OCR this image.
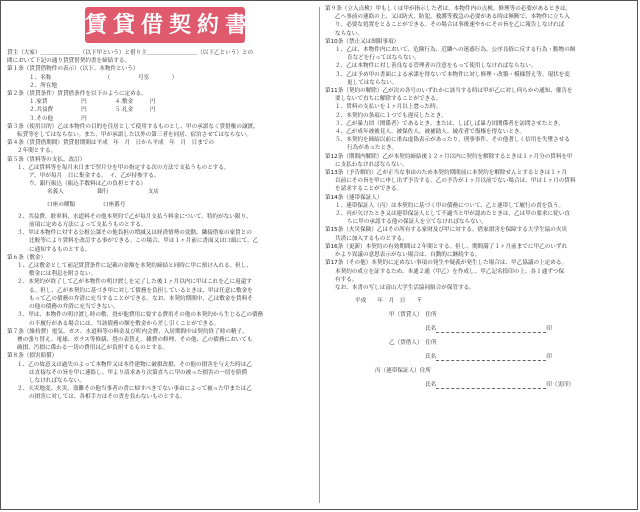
賃貸借契約書
貸主（大家）＿＿＿＿＿＿＿（以下甲という）と借り主＿＿＿＿＿＿＿＿＿（以下乙という）との
間において下記の通り賃貸借契約書を締結する。
第１条（賃貸借物件の表示）（以下、本物件という）
１、名称　　　　　　　　　　（　　　　　号室　　　　）
２、所在地
第２条（賃貸条件）賃貸借条件を以下のように定める。
１.家賃　　　　　　円　　　　　４.敷金　　　円
２.共益費　　　　　円　　　　　５.礼金　　　円
３.その他　　　　　円
第３条（使用目的）乙は本物件の目的を住居として使用するものとし、甲の承諾なく賃借権の譲渡、
転貸等をしてはならない。また、甲が承諾した以外の第三者を同居、宿泊させてはならない。
第４条（賃貸借期間）賃貸借期間は平成　年　月　日から平成　年　月　日までの
２年間とする。
第５条（賃料等の支払、改訂）
１、乙は賃料等を毎月末日まで翌月分を甲の指定する次の方法で支払うものとする。
ア、甲が毎月　日に集金する。　イ、乙が持参する。
ウ、銀行振込（振込手数料は乙の負担とする）
名義人　　　　　　銀行　　　　　　　支店
口座の種類　　　　　口座番号
２、共益費、駐車料、水道料その他本契約で乙が毎月支払う料金について、特約がない限り、
前項に定める方法によって支払うものとする。
３、甲は本物件に対する公租公課その他負担の増減又は経済情勢の変動、隣接借家の家賃との
比較等により賃料を改訂する事ができる。この場合、甲は１ヶ月前に書面又は口頭にて、乙
に通知するものとする。
第６条（敷金）
１、乙は敷金として前記賃貸条件に記載の金額を本契約締結と同時に甲に預け入れる。但し、
敷金には利息を附さない。
２、本契約が終了して乙が本物件の明け渡しを完了した後１ヶ月以内に甲はこれを乙に返還す
る。但し、乙が本契約に基づき甲に対して債務を負担しているときは、甲は任意に敷金を
もって乙の債務の弁済に充当することができる。なお、本契約期間中、乙は敷金を賃料そ
の他の債務の弁済に充当できない。
３、甲は、本物件の明け渡し時の敷、畳が他費用に要する費用その他の本契約から生じる乙の債務
の不履行がある場合には、当該債務の額を敷金から差し引くことができる。
第７条（維持費）電気、ガス、水道料等の料金及び町内会費、入居期間中は契約終了時の精子、
襖の張り替え、電球、ガラス等修繕、畳の表替え、雑費の修理、その他、乙の債務においても
破損、汚損に係わる一切の費用は乙が負担するものとする。
第８条（損害賠償）
１、乙の故意又は過失のよって本物件又は本件建物に破損改損、その他の損害を与えた時は乙
は直接なその旨を甲に連絡し、甲より請求あり次第直ちに甲の被った損害の一切を賠償
しなければならない。
２、天災地変、火災、盗難その他当事者の責に帰すべきでない事由によって被った甲または乙
の損害に対しては、各相手方はその責を負わないものとする。
第９条（立入点検）甲もしくは甲が指示した者は、本物件内の点検、修理等の必要があるときは、
乙へ事前の連絡の上、又は防火、防犯、救護等救急の必要がある時は無断で、本物件に立ち入
り、必要な処置をとることができる。その場合は事後速やかにその旨を乙に報告しなければ
ならない。
第10条（禁止又は制限事項）
１、乙は、本物件内において、危険行為、近隣への迷惑行為、公序良俗に反する行為・動物の飼
育などを行ってはならない。
２、乙は本物件に対し善良なる管理者の注意をもって使用しなければならない。
３、乙は予め甲の書面による承諾を得ないで本物件に対し修理・改築・模様替え等、現状を変
更してはならない。
第11条（契約の解除）乙が次の各号のいずれかに該当する時は甲が乙に対し何らかの通知、催告を
要しないで直ちに解除することができる。
１、賃料の支払いを１ヶ月以上怠った時。
２、本契約の条項に１つでも違反したとき。
３、乙が暴力団（関係者）であるとき。または、しばしば暴力団関係者を訪問させたとき。
４、乙が成年被後見人、被保佐人、被補助人、破産者で復権を得ないとき。
５、本契約を締結以前に重ね虚偽表示があったり、刑事事件、その他著しく信用を失墜させる
行為があったとき。
第12条（期間内解除）乙が本契約締結後１２ヶ月以内に契約を解除するときは１ヶ月分の賃料を甲
に支払わなければならない。
第13条（予告解約）乙が正当な事由のため本契約期間前に本契約を解除せんとするときは１ヶ月
以前にその旨を甲に申し出ず予告する。乙の予告が１ヶ月以前でない場合は、甲は１ヶ月の賃料
を請求することができる。
第14条（連帯保証人）
１、連帯保証人（丙）は本契約に基づく甲の債務について、乙と連帯して履行の責を負う。
２、丙が欠けたとき又は連帯保証人として不適当と甲が認めたときは、乙は甲の要求に従い直
ちに甲の承認する他の保証人を立てなければならない。
第15条（火災保険）乙はその所有する家財及び甲に対する、借家損害を保障する大学生協の火災
共済に加入するものとする。
第16条（更新）本契約の有効期間は２年間とする。但し、期間満了１ヶ月前までに甲乙のいずれ
かより異議の意思表示がない場合は、自動的に継続する。
第17条（その他）本契約に定めない事項の発生や疑義が発生した場合は、甲乙協議の上定める。
本契約の成立を証するため、本通２通（甲乙）を作成し、甲乙記名捺印の上、各１通ずつ保
有する。
なお、本書の写しは富山大学生活協同組合が保管する。
平成　　年　月　日　　〒
甲（賃貸人）　住所
氏名	印
乙（賃借人）　住所
氏名	印
丙（連帯保証人）住所
氏名	印（実印）
